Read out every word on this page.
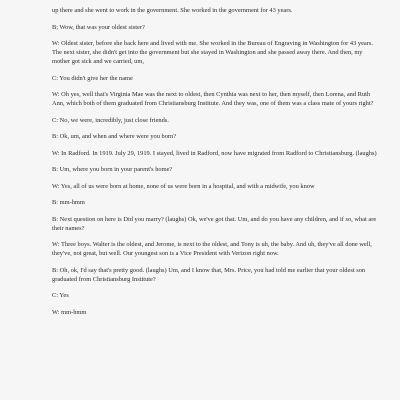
up there and she went to work in the government. She worked in the government for 43 years.

B; Wow, that was your oldest sister?

W: Oldest sister, before she back here and lived with me. She worked in the Bureau of Engraving in Washington for 43 years. The next sister, she didn't get into the government but she stayed in Washington and she passed away there. And then, my mother got sick and we carried, um,

C: You didn't give her the name

W: Oh yes, well that's Virginia Mae was the next to oldest, then Cynthia was next to her, then myself, then Lorena, and Ruth Ann, which both of them graduated from Christiansburg Institute. And they was, one of them was a class mate of yours right?

C: No, we were, incredibly, just close friends.

B: Ok, um, and when and where were you born?

W: In Radford. In 1919. July 29, 1919. I stayed, lived in Radford, now have migrated from Radford to Christiansburg. (laughs)

B: Um, where you born in your parent's home?

W: Yes, all of us were born at home, none of us were born in a hospital, and with a midwife, you know

B: mm-hmm

B: Next question on here is Did you marry? (laughs) Ok, we've got that. Um, and do you have any children, and if so, what are their names?

W: Three boys. Walter is the oldest, and Jerome, is next to the oldest, and Tony is uh, the baby. And uh, they've all done well, they've, not great, but well. Our youngest son is a Vice President with Verizon right now.

B: Oh, ok, I'd say that's pretty good. (laughs) Um, and I know that, Mrs. Price, you had told me earlier that your oldest son graduated from Christiansburg Institute?

C: Yes

W: mm-hmm
